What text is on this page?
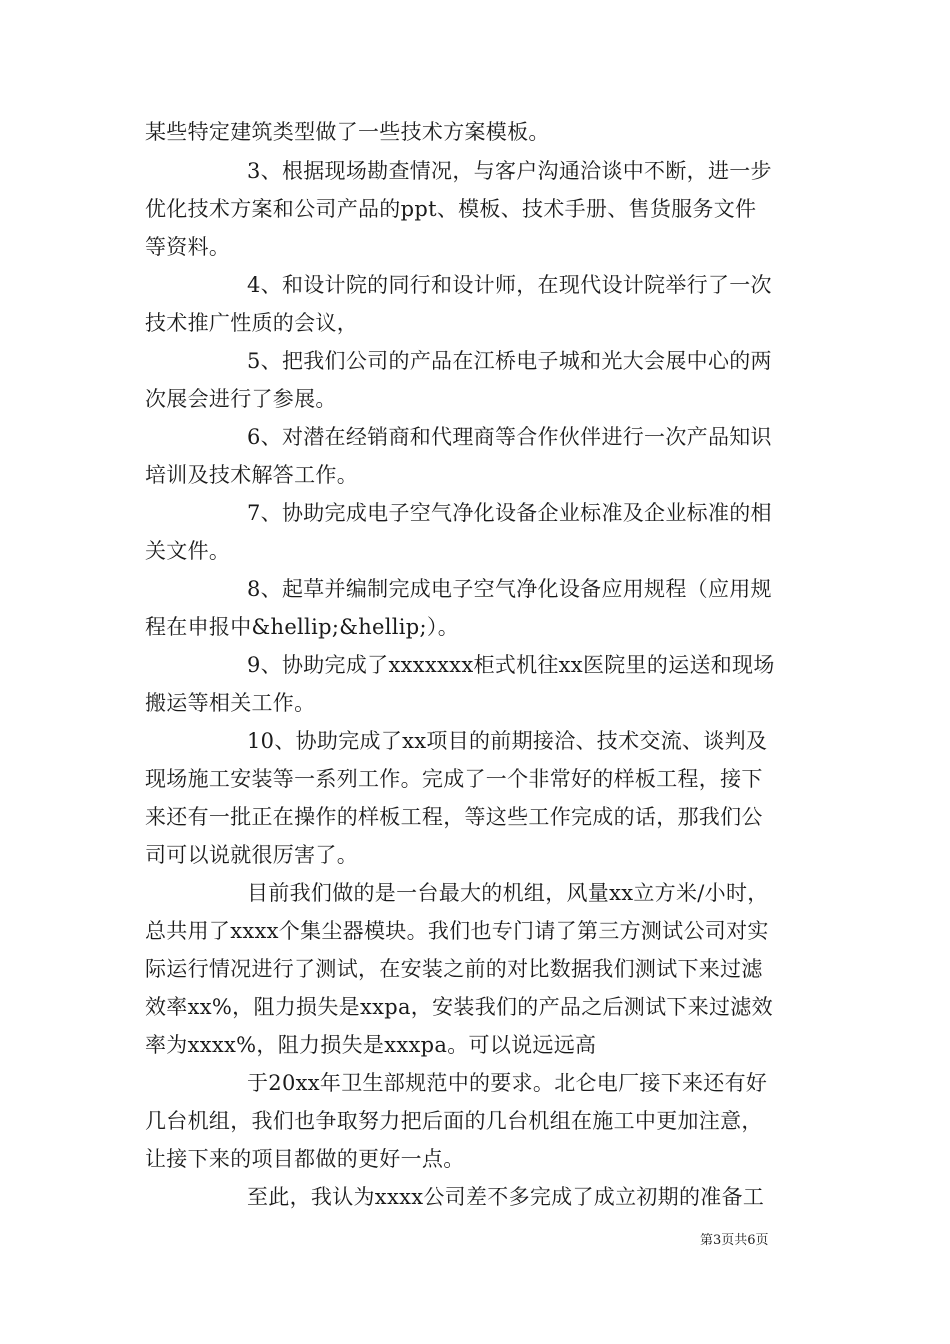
某些特定建筑类型做了一些技术方案模板。
3、根据现场勘查情况，与客户沟通洽谈中不断，进一步
优化技术方案和公司产品的ppt、模板、技术手册、售货服务文件
等资料。
4、和设计院的同行和设计师，在现代设计院举行了一次
技术推广性质的会议，
5、把我们公司的产品在江桥电子城和光大会展中心的两
次展会进行了参展。
6、对潜在经销商和代理商等合作伙伴进行一次产品知识
培训及技术解答工作。
7、协助完成电子空气净化设备企业标准及企业标准的相
关文件。
8、起草并编制完成电子空气净化设备应用规程（应用规
程在申报中&hellip;&hellip;）。
9、协助完成了xxxxxxx柜式机往xx医院里的运送和现场
搬运等相关工作。
10、协助完成了xx项目的前期接洽、技术交流、谈判及
现场施工安装等一系列工作。完成了一个非常好的样板工程，接下
来还有一批正在操作的样板工程，等这些工作完成的话，那我们公
司可以说就很厉害了。
目前我们做的是一台最大的机组，风量xx立方米/小时，
总共用了xxxx个集尘器模块。我们也专门请了第三方测试公司对实
际运行情况进行了测试，在安装之前的对比数据我们测试下来过滤
效率xx%，阻力损失是xxpa，安装我们的产品之后测试下来过滤效
率为xxxx%，阻力损失是xxxpa。可以说远远高
于20xx年卫生部规范中的要求。北仑电厂接下来还有好
几台机组，我们也争取努力把后面的几台机组在施工中更加注意，
让接下来的项目都做的更好一点。
至此，我认为xxxx公司差不多完成了成立初期的准备工
第3页共6页
